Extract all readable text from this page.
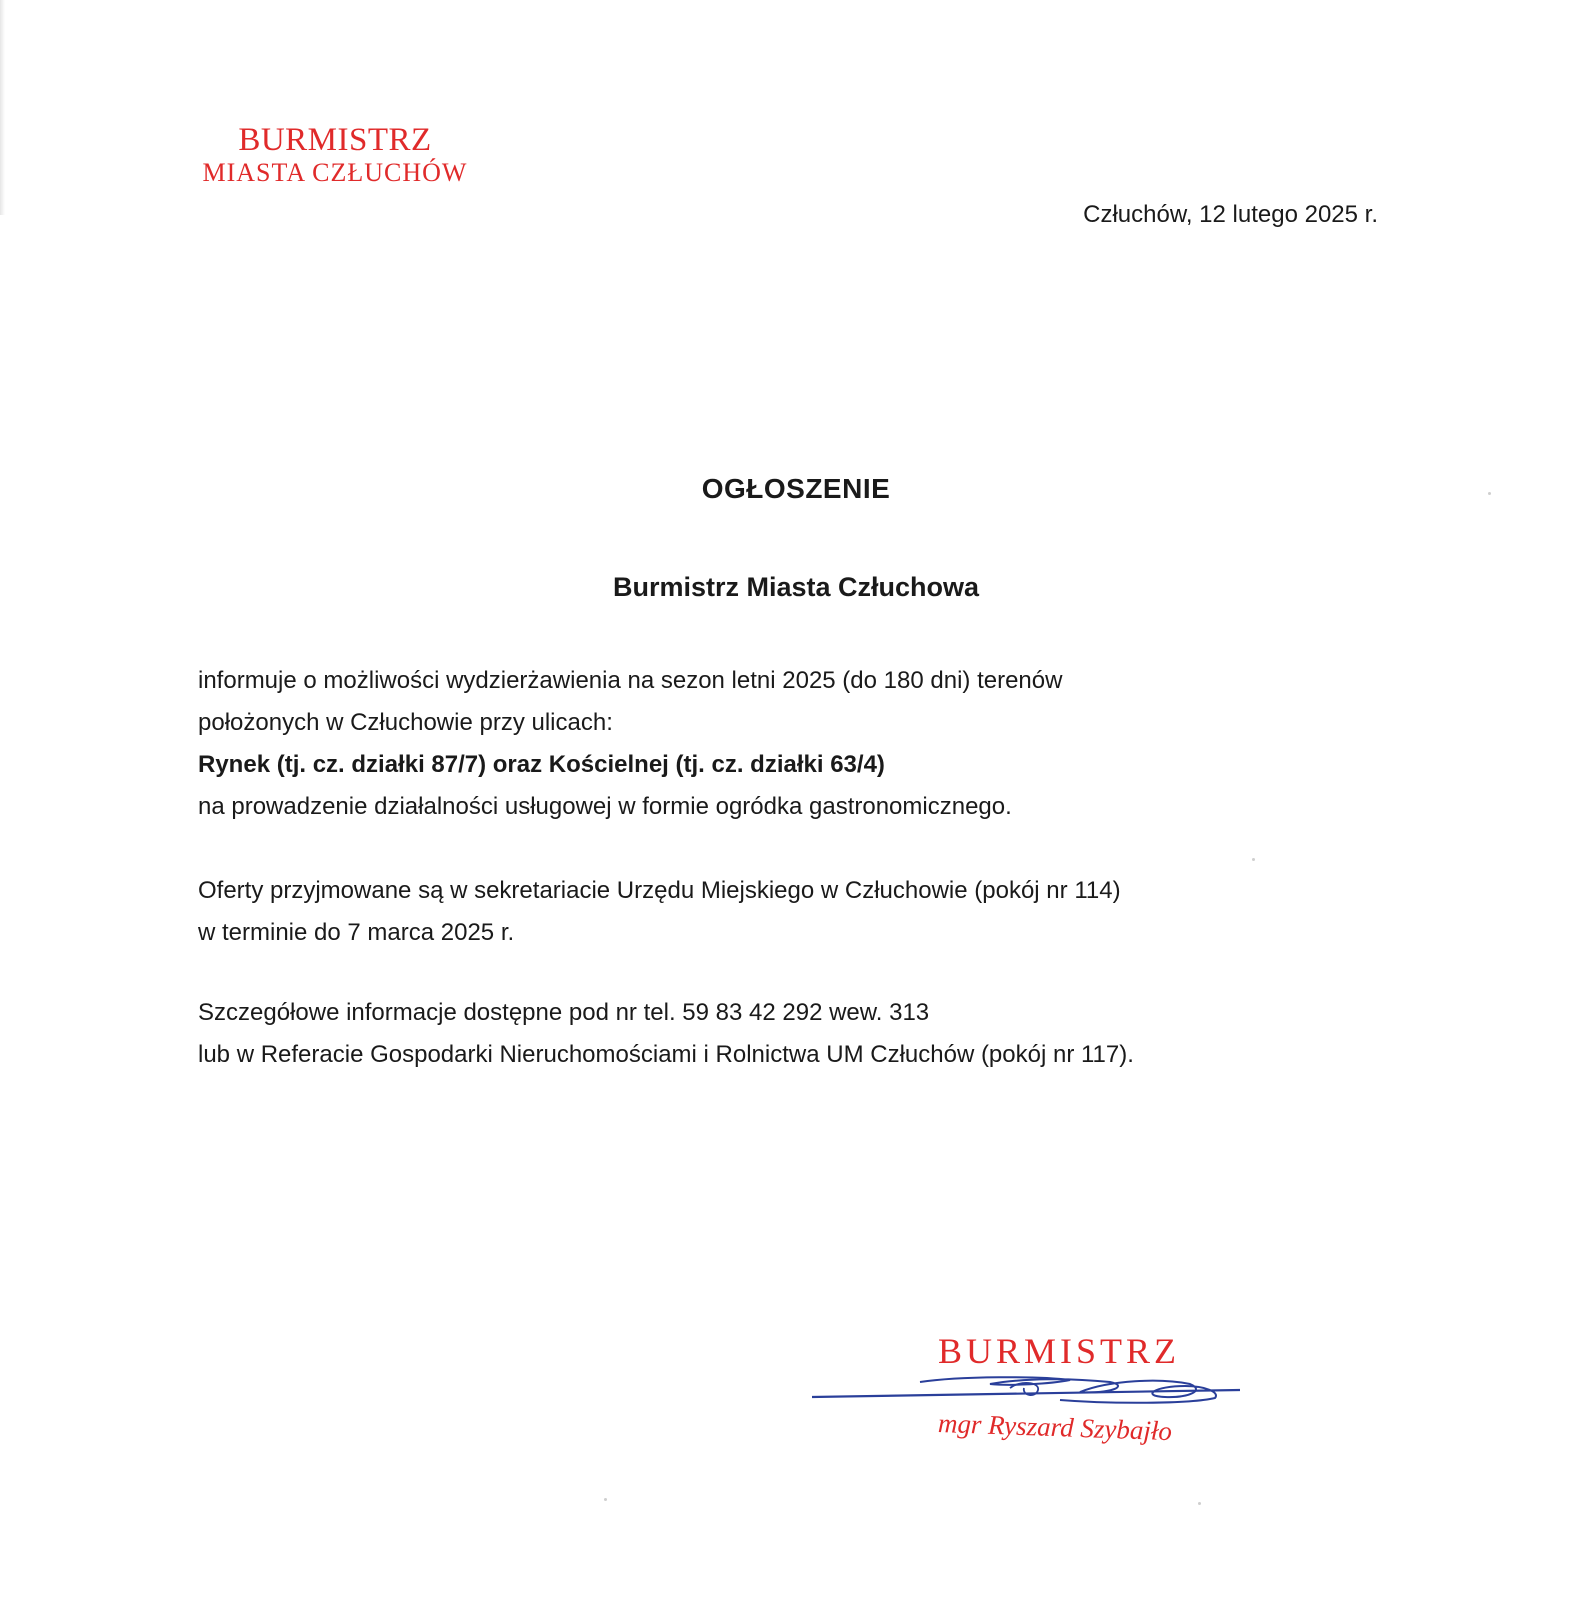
BURMISTRZ
MIASTA CZŁUCHÓW
Człuchów, 12 lutego 2025 r.
OGŁOSZENIE
Burmistrz Miasta Człuchowa
informuje o możliwości wydzierżawienia na sezon letni 2025 (do 180 dni) terenów
położonych w Człuchowie przy ulicach:
Rynek (tj. cz. działki 87/7) oraz Kościelnej (tj. cz. działki 63/4)
na prowadzenie działalności usługowej w formie ogródka gastronomicznego.
Oferty przyjmowane są w sekretariacie Urzędu Miejskiego w Człuchowie (pokój nr 114)
w terminie do 7 marca 2025 r.
Szczegółowe informacje dostępne pod nr tel. 59 83 42 292 wew. 313
lub w Referacie Gospodarki Nieruchomościami i Rolnictwa UM Człuchów (pokój nr 117).
BURMISTRZ
mgr Ryszard Szybajło
